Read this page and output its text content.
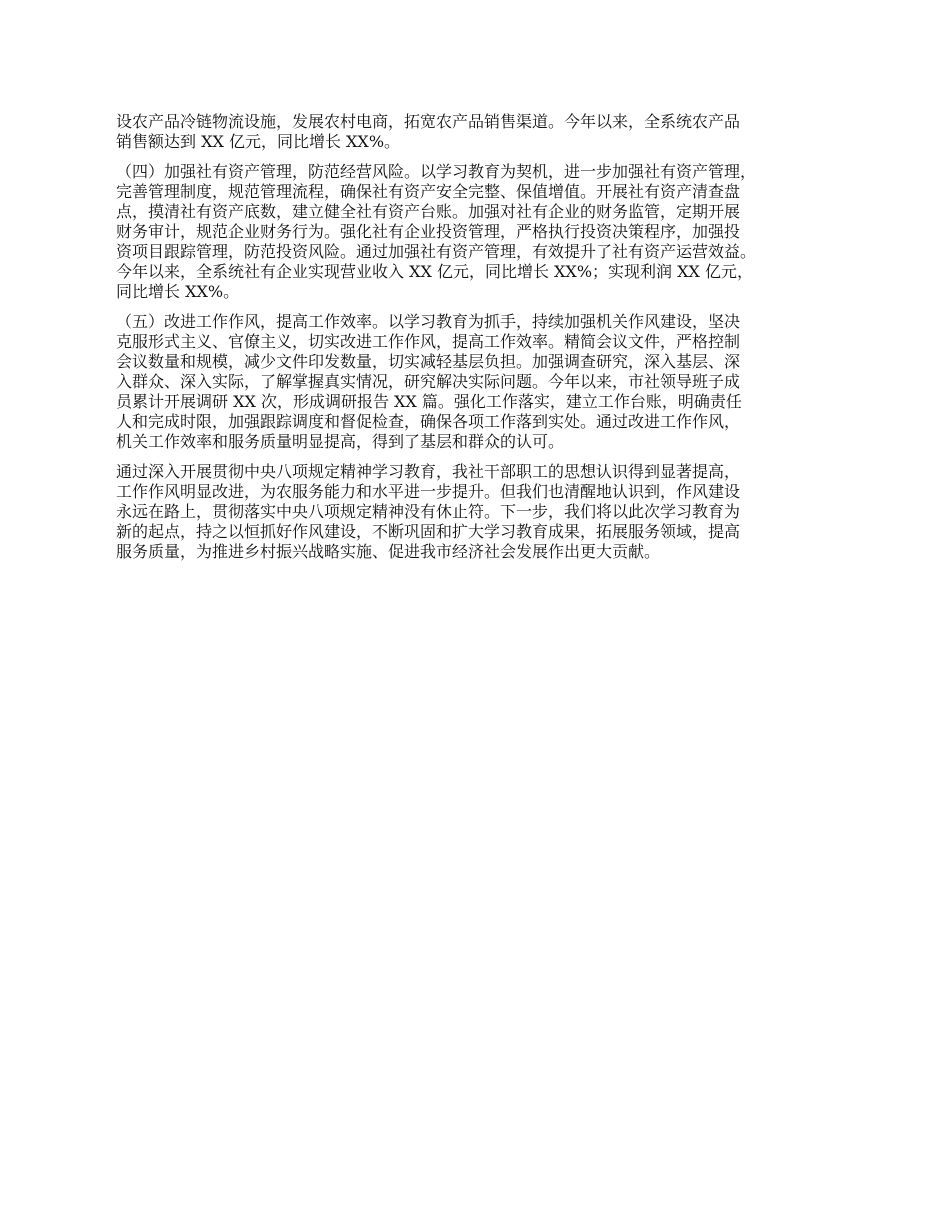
设农产品冷链物流设施，发展农村电商，拓宽农产品销售渠道。今年以来，全系统农产品
销售额达到 XX 亿元，同比增长 XX%。

（四）加强社有资产管理，防范经营风险。以学习教育为契机，进一步加强社有资产管理，
完善管理制度，规范管理流程，确保社有资产安全完整、保值增值。开展社有资产清查盘
点，摸清社有资产底数，建立健全社有资产台账。加强对社有企业的财务监管，定期开展
财务审计，规范企业财务行为。强化社有企业投资管理，严格执行投资决策程序，加强投
资项目跟踪管理，防范投资风险。通过加强社有资产管理，有效提升了社有资产运营效益。
今年以来，全系统社有企业实现营业收入 XX 亿元，同比增长 XX%；实现利润 XX 亿元，
同比增长 XX%。

（五）改进工作作风，提高工作效率。以学习教育为抓手，持续加强机关作风建设，坚决
克服形式主义、官僚主义，切实改进工作作风，提高工作效率。精简会议文件，严格控制
会议数量和规模，减少文件印发数量，切实减轻基层负担。加强调查研究，深入基层、深
入群众、深入实际，了解掌握真实情况，研究解决实际问题。今年以来，市社领导班子成
员累计开展调研 XX 次，形成调研报告 XX 篇。强化工作落实，建立工作台账，明确责任
人和完成时限，加强跟踪调度和督促检查，确保各项工作落到实处。通过改进工作作风，
机关工作效率和服务质量明显提高，得到了基层和群众的认可。

通过深入开展贯彻中央八项规定精神学习教育，我社干部职工的思想认识得到显著提高，
工作作风明显改进，为农服务能力和水平进一步提升。但我们也清醒地认识到，作风建设
永远在路上，贯彻落实中央八项规定精神没有休止符。下一步，我们将以此次学习教育为
新的起点，持之以恒抓好作风建设，不断巩固和扩大学习教育成果，拓展服务领域，提高
服务质量，为推进乡村振兴战略实施、促进我市经济社会发展作出更大贡献。
